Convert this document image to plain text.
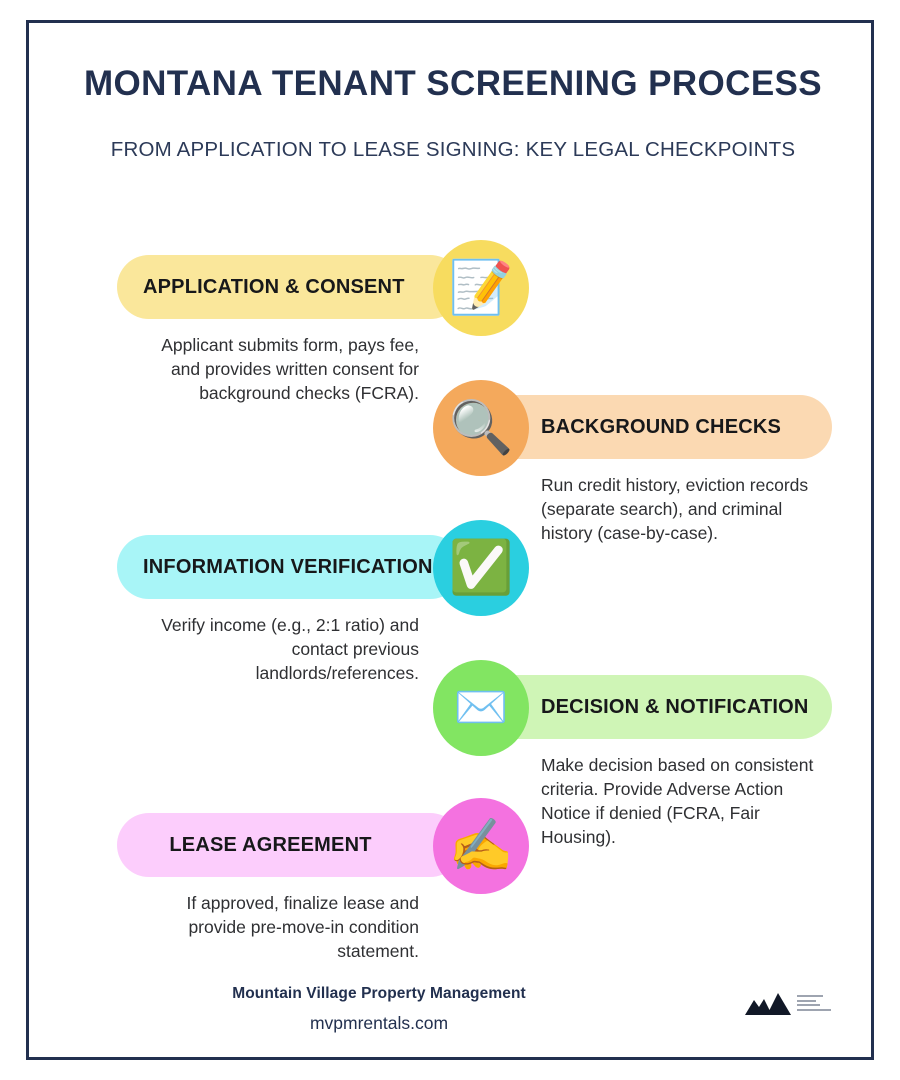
MONTANA TENANT SCREENING PROCESS
FROM APPLICATION TO LEASE SIGNING: KEY LEGAL CHECKPOINTS
APPLICATION & CONSENT 📝
Applicant submits form, pays fee, and provides written consent for background checks (FCRA).
BACKGROUND CHECKS
🔍
Run credit history, eviction records (separate search), and criminal history (case-by-case).
INFORMATION VERIFICATION ✅
Verify income (e.g., 2:1 ratio) and contact previous landlords/references.
DECISION & NOTIFICATION
✉️
Make decision based on consistent criteria. Provide Adverse Action Notice if denied (FCRA, Fair Housing).
LEASE AGREEMENT ✍️
If approved, finalize lease and provide pre-move-in condition statement.
Mountain Village Property Management
mvpmrentals.com
